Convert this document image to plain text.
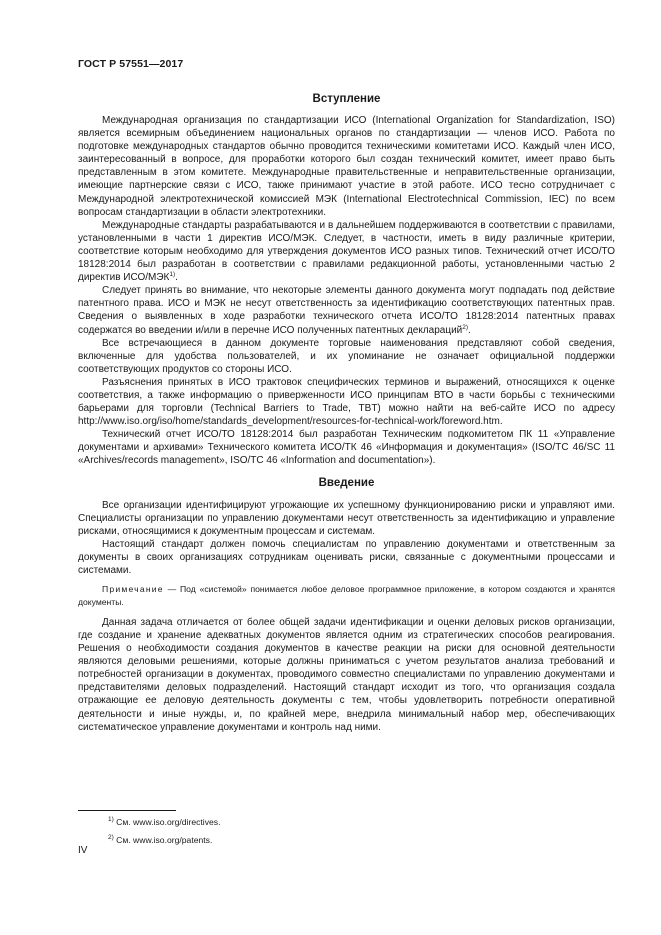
ГОСТ Р 57551—2017
Вступление

Международная организация по стандартизации ИСО (International Organization for Standardization, ISO) является всемирным объединением национальных органов по стандартизации — членов ИСО. Работа по подготовке международных стандартов обычно проводится техническими комитетами ИСО. Каждый член ИСО, заинтересованный в вопросе, для проработки которого был создан технический комитет, имеет право быть представленным в этом комитете. Международные правительственные и неправительственные организации, имеющие партнерские связи с ИСО, также принимают участие в этой работе. ИСО тесно сотрудничает с Международной электротехнической комиссией МЭК (International Electrotechnical Commission, IEC) по всем вопросам стандартизации в области электротехники.

Международные стандарты разрабатываются и в дальнейшем поддерживаются в соответствии с правилами, установленными в части 1 директив ИСО/МЭК. Следует, в частности, иметь в виду различные критерии, соответствие которым необходимо для утверждения документов ИСО разных типов. Технический отчет ИСО/ТО 18128:2014 был разработан в соответствии с правилами редакционной работы, установленными частью 2 директив ИСО/МЭК$^{1)}$.

Следует принять во внимание, что некоторые элементы данного документа могут подпадать под действие патентного права. ИСО и МЭК не несут ответственность за идентификацию соответствующих патентных прав. Сведения о выявленных в ходе разработки технического отчета ИСО/ТО 18128:2014 патентных правах содержатся во введении и/или в перечне ИСО полученных патентных деклараций$^{2)}$.

Все встречающиеся в данном документе торговые наименования представляют собой сведения, включенные для удобства пользователей, и их упоминание не означает официальной поддержки соответствующих продуктов со стороны ИСО.

Разъяснения принятых в ИСО трактовок специфических терминов и выражений, относящихся к оценке соответствия, а также информацию о приверженности ИСО принципам ВТО в части борьбы с техническими барьерами для торговли (Technical Barriers to Trade, TBT) можно найти на веб-сайте ИСО по адресу http://www.iso.org/iso/home/standards_development/resources-for-technical-work/foreword.htm.

Технический отчет ИСО/ТО 18128:2014 был разработан Техническим подкомитетом ПК 11 «Управление документами и архивами» Технического комитета ИСО/ТК 46 «Информация и документация» (ISO/TC 46/SC 11 «Archives/records management», ISO/TC 46 «Information and documentation»).

Введение

Все организации идентифицируют угрожающие их успешному функционированию риски и управляют ими. Специалисты организации по управлению документами несут ответственность за идентификацию и управление рисками, относящимися к документным процессам и системам.

Настоящий стандарт должен помочь специалистам по управлению документами и ответственным за документы в своих организациях сотрудникам оценивать риски, связанные с документными процессами и системами.

Примечание — Под «системой» понимается любое деловое программное приложение, в котором создаются и хранятся документы.

Данная задача отличается от более общей задачи идентификации и оценки деловых рисков организации, где создание и хранение адекватных документов является одним из стратегических способов реагирования. Решения о необходимости создания документов в качестве реакции на риски для основной деятельности являются деловыми решениями, которые должны приниматься с учетом результатов анализа требований и потребностей организации в документах, проводимого совместно специалистами по управлению документами и представителями деловых подразделений. Настоящий стандарт исходит из того, что организация создала отражающие ее деловую деятельность документы с тем, чтобы удовлетворить потребности оперативной деятельности и иные нужды, и, по крайней мере, внедрила минимальный набор мер, обеспечивающих систематическое управление документами и контроль над ними.

$^{1)}$ См. www.iso.org/directives.

$^{2)}$ См. www.iso.org/patents.

IV
